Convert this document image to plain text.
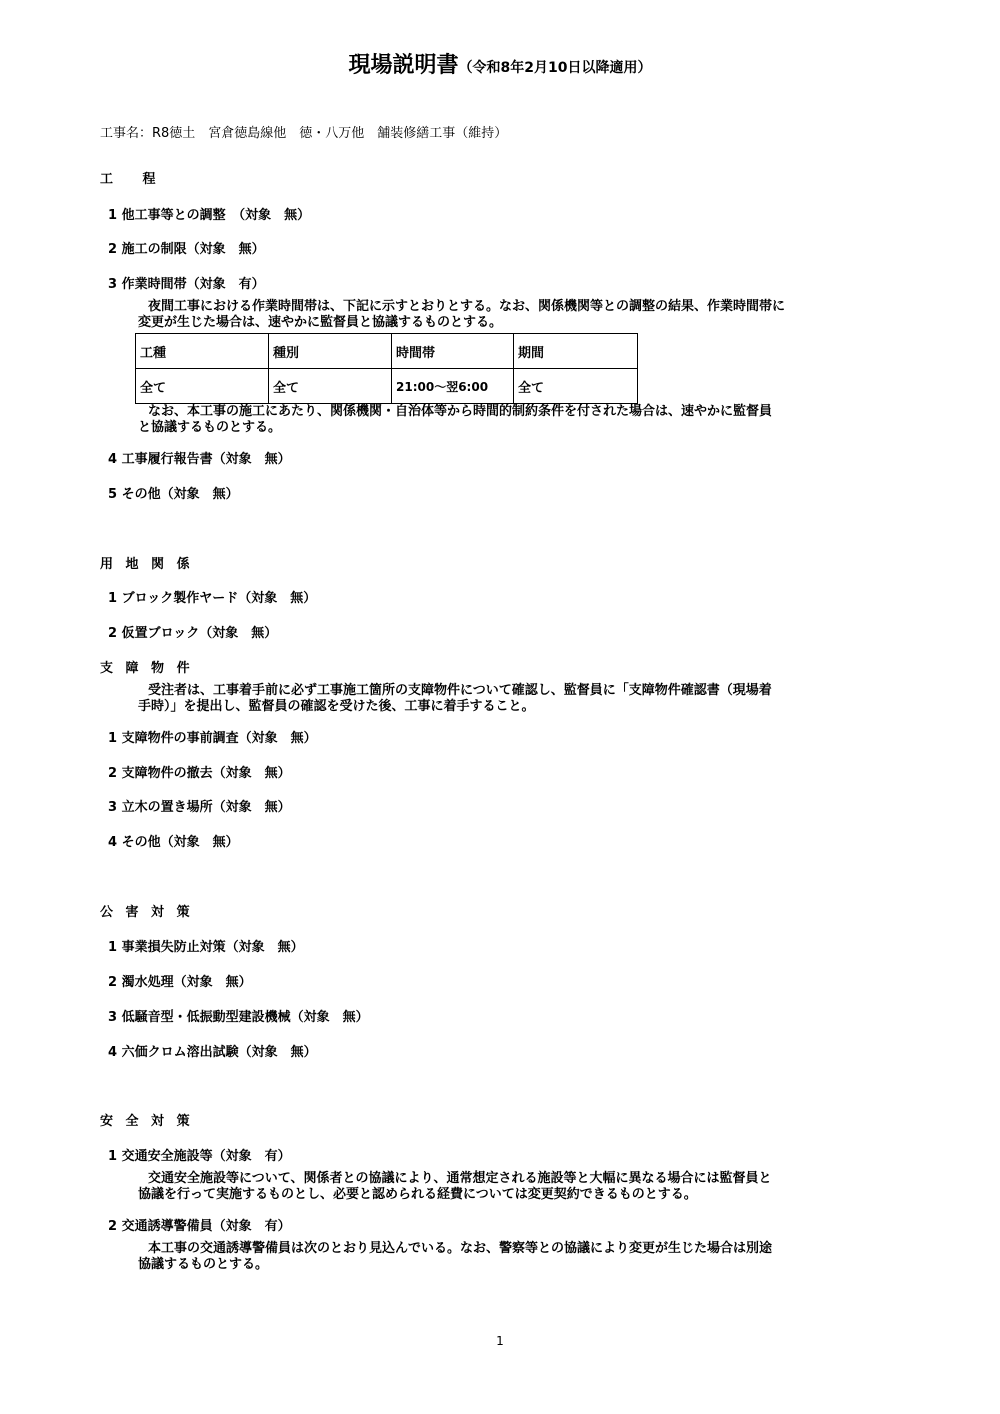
現場説明書（令和8年2月10日以降適用）
工事名：R8徳土　宮倉徳島線他　徳・八万他　舗装修繕工事（維持）
工　 程
1 他工事等との調整　（対象　無）
2 施工の制限（対象　無）
3 作業時間帯（対象　有）
夜間工事における作業時間帯は、下記に示すとおりとする。なお、関係機関等との調整の結果、作業時間帯に
変更が生じた場合は、速やかに監督員と協議するものとする。
工種	種別	時間帯	期間
全て	全て	21:00～翌6:00	全て
なお、本工事の施工にあたり、関係機関・自治体等から時間的制約条件を付された場合は、速やかに監督員
と協議するものとする。
4 工事履行報告書（対象　無）
5 その他（対象　無）
用 地 関 係
1 ブロック製作ヤード（対象　無）
2 仮置ブロック（対象　無）
支 障 物 件
受注者は、工事着手前に必ず工事施工箇所の支障物件について確認し、監督員に「支障物件確認書（現場着
手時）」を提出し、監督員の確認を受けた後、工事に着手すること。
1 支障物件の事前調査（対象　無）
2 支障物件の撤去（対象　無）
3 立木の置き場所（対象　無）
4 その他（対象　無）
公 害 対 策
1 事業損失防止対策（対象　無）
2 濁水処理（対象　無）
3 低騒音型・低振動型建設機械（対象　無）
4 六価クロム溶出試験（対象　無）
安 全 対 策
1 交通安全施設等（対象　有）
交通安全施設等について、関係者との協議により、通常想定される施設等と大幅に異なる場合には監督員と
協議を行って実施するものとし、必要と認められる経費については変更契約できるものとする。
2 交通誘導警備員（対象　有）
本工事の交通誘導警備員は次のとおり見込んでいる。なお、警察等との協議により変更が生じた場合は別途
協議するものとする。
1
